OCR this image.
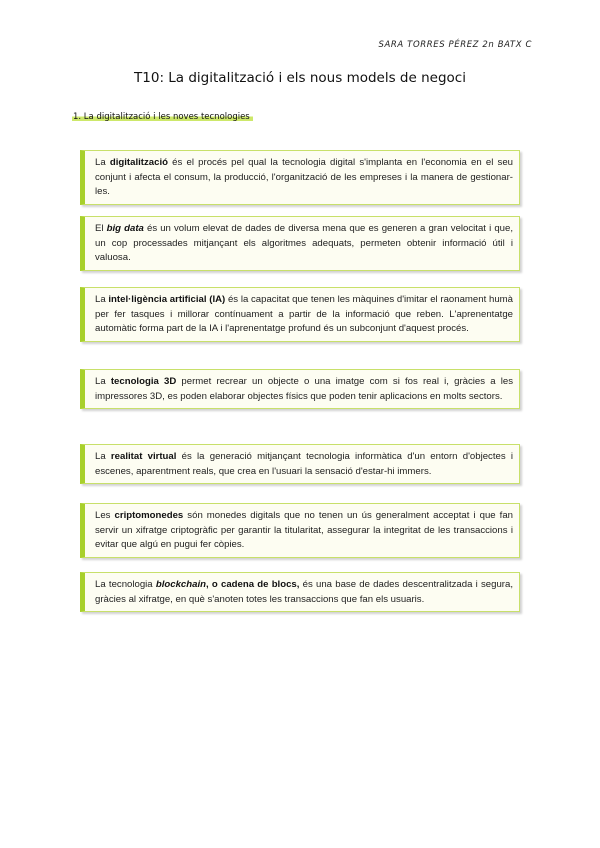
SARA TORRES PÉREZ 2n BATX C
T10: La digitalització i els nous models de negoci
1. La digitalització i les noves tecnologies
La digitalització és el procés pel qual la tecnologia digital s'implanta en l'economia en el seu conjunt i afecta el consum, la producció, l'organització de les empreses i la manera de gestionar-les.
El big data és un volum elevat de dades de diversa mena que es generen a gran velocitat i que, un cop processades mitjançant els algoritmes adequats, permeten obtenir informació útil i valuosa.
La intel·ligència artificial (IA) és la capacitat que tenen les màquines d'imitar el raonament humà per fer tasques i millorar contínuament a partir de la informació que reben. L'aprenentatge automàtic forma part de la IA i l'aprenentatge profund és un subconjunt d'aquest procés.
La tecnologia 3D permet recrear un objecte o una imatge com si fos real i, gràcies a les impressores 3D, es poden elaborar objectes físics que poden tenir aplicacions en molts sectors.
La realitat virtual és la generació mitjançant tecnologia informàtica d'un entorn d'objectes i escenes, aparentment reals, que crea en l'usuari la sensació d'estar-hi immers.
Les criptomonedes són monedes digitals que no tenen un ús generalment acceptat i que fan servir un xifratge criptogràfic per garantir la titularitat, assegurar la integritat de les transaccions i evitar que algú en pugui fer còpies.
La tecnologia blockchain, o cadena de blocs, és una base de dades descentralitzada i segura, gràcies al xifratge, en què s'anoten totes les transaccions que fan els usuaris.
